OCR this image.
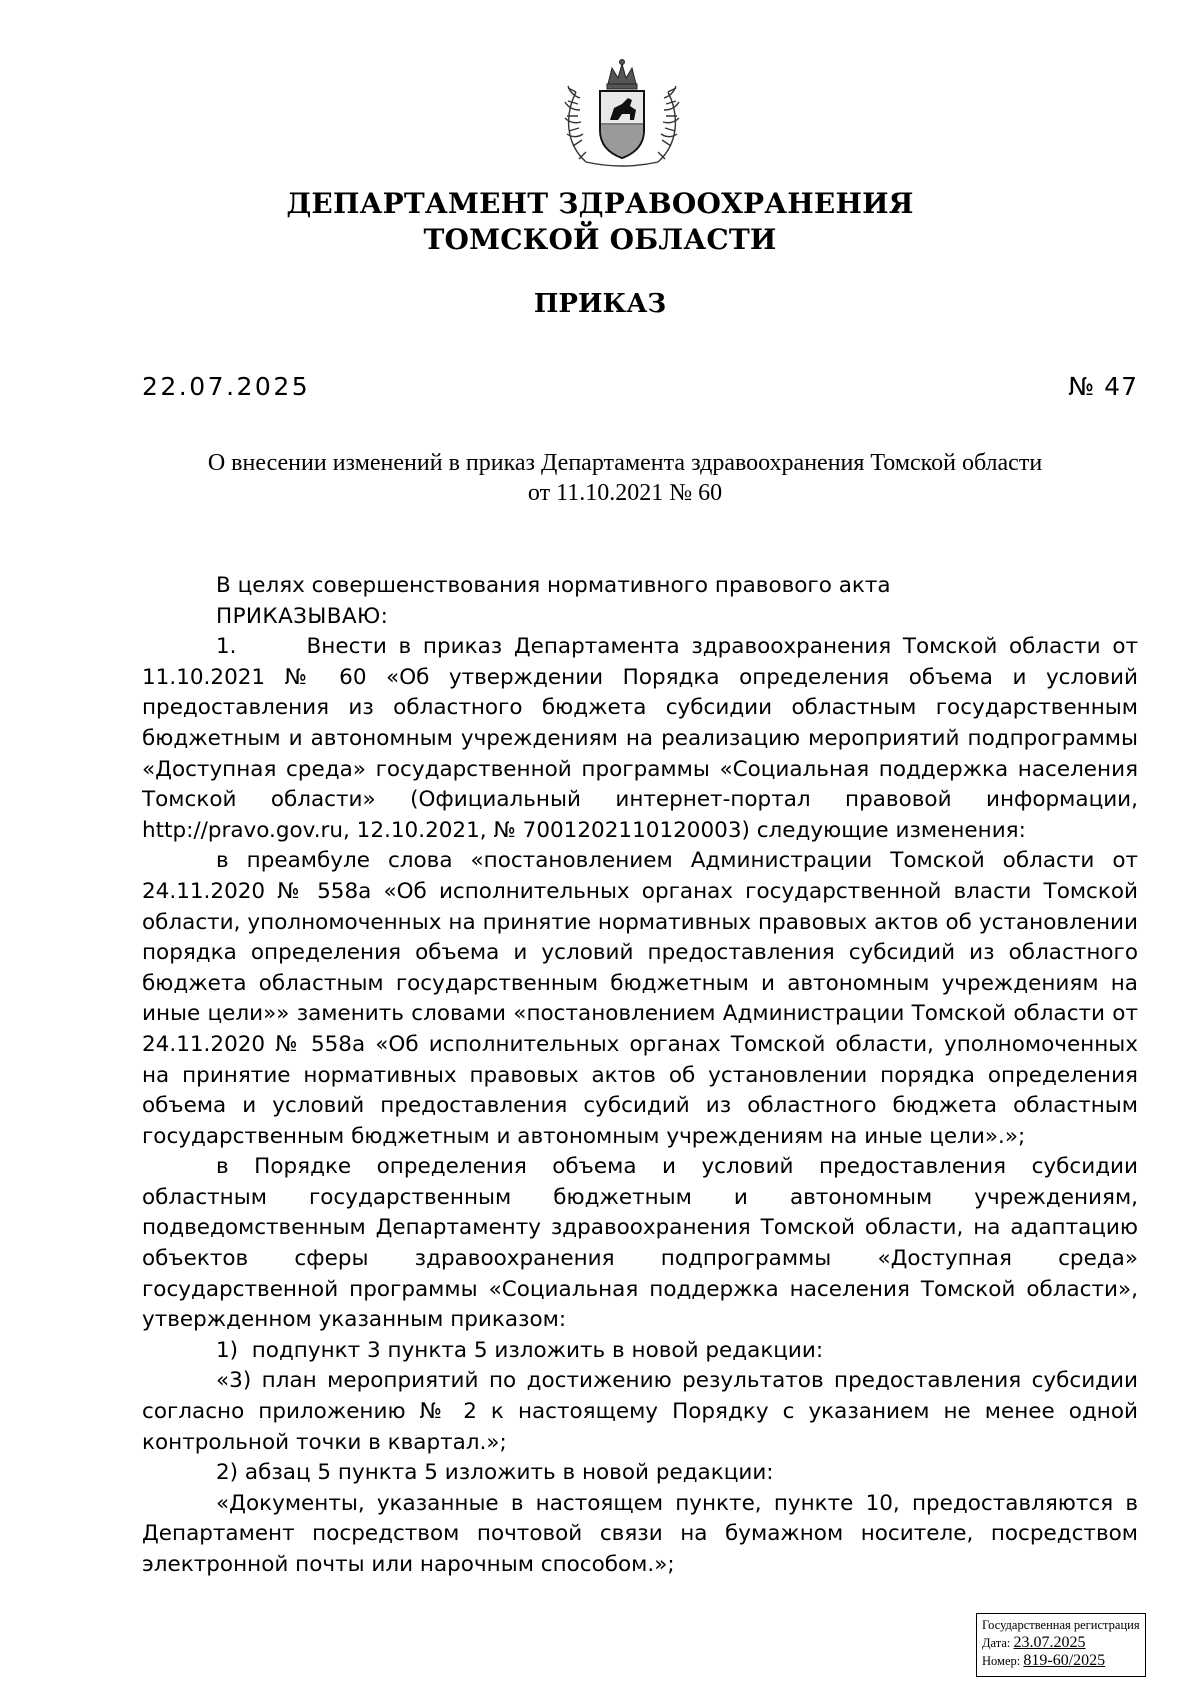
ДЕПАРТАМЕНТ ЗДРАВООХРАНЕНИЯ
ТОМСКОЙ ОБЛАСТИ
ПРИКАЗ
22.07.2025	№ 47
О внесении изменений в приказ Департамента здравоохранения Томской области
от 11.10.2021 № 60

В целях совершенствования нормативного правового акта

ПРИКАЗЫВАЮ:

1.      Внести в приказ Департамента здравоохранения Томской области от 11.10.2021 № 60 «Об утверждении Порядка определения объема и условий предоставления из областного бюджета субсидии областным государственным бюджетным и автономным учреждениям на реализацию мероприятий подпрограммы «Доступная среда» государственной программы «Социальная поддержка населения Томской области» (Официальный интернет-портал правовой информации, http://pravo.gov.ru, 12.10.2021, № 7001202110120003) следующие изменения:

в преамбуле слова «постановлением Администрации Томской области от 24.11.2020 № 558а «Об исполнительных органах государственной власти Томской области, уполномоченных на принятие нормативных правовых актов об установлении порядка определения объема и условий предоставления субсидий из областного бюджета областным государственным бюджетным и автономным учреждениям на иные цели»» заменить словами «постановлением Администрации Томской области от 24.11.2020 № 558а «Об исполнительных органах Томской области, уполномоченных на принятие нормативных правовых актов об установлении порядка определения объема и условий предоставления субсидий из областного бюджета областным государственным бюджетным и автономным учреждениям на иные цели».»;

в Порядке определения объема и условий предоставления субсидии областным государственным бюджетным и автономным учреждениям, подведомственным Департаменту здравоохранения Томской области, на адаптацию объектов сферы здравоохранения подпрограммы «Доступная среда» государственной программы «Социальная поддержка населения Томской области», утвержденном указанным приказом:

1)  подпункт 3 пункта 5 изложить в новой редакции:

«3) план мероприятий по достижению результатов предоставления субсидии согласно приложению № 2 к настоящему Порядку с указанием не менее одной контрольной точки в квартал.»;

2) абзац 5 пункта 5 изложить в новой редакции:

«Документы, указанные в настоящем пункте, пункте 10, предоставляются в Департамент посредством почтовой связи на бумажном носителе, посредством электронной почты или нарочным способом.»;

Государственная регистрация
Дата: 23.07.2025
Номер: 819-60/2025
